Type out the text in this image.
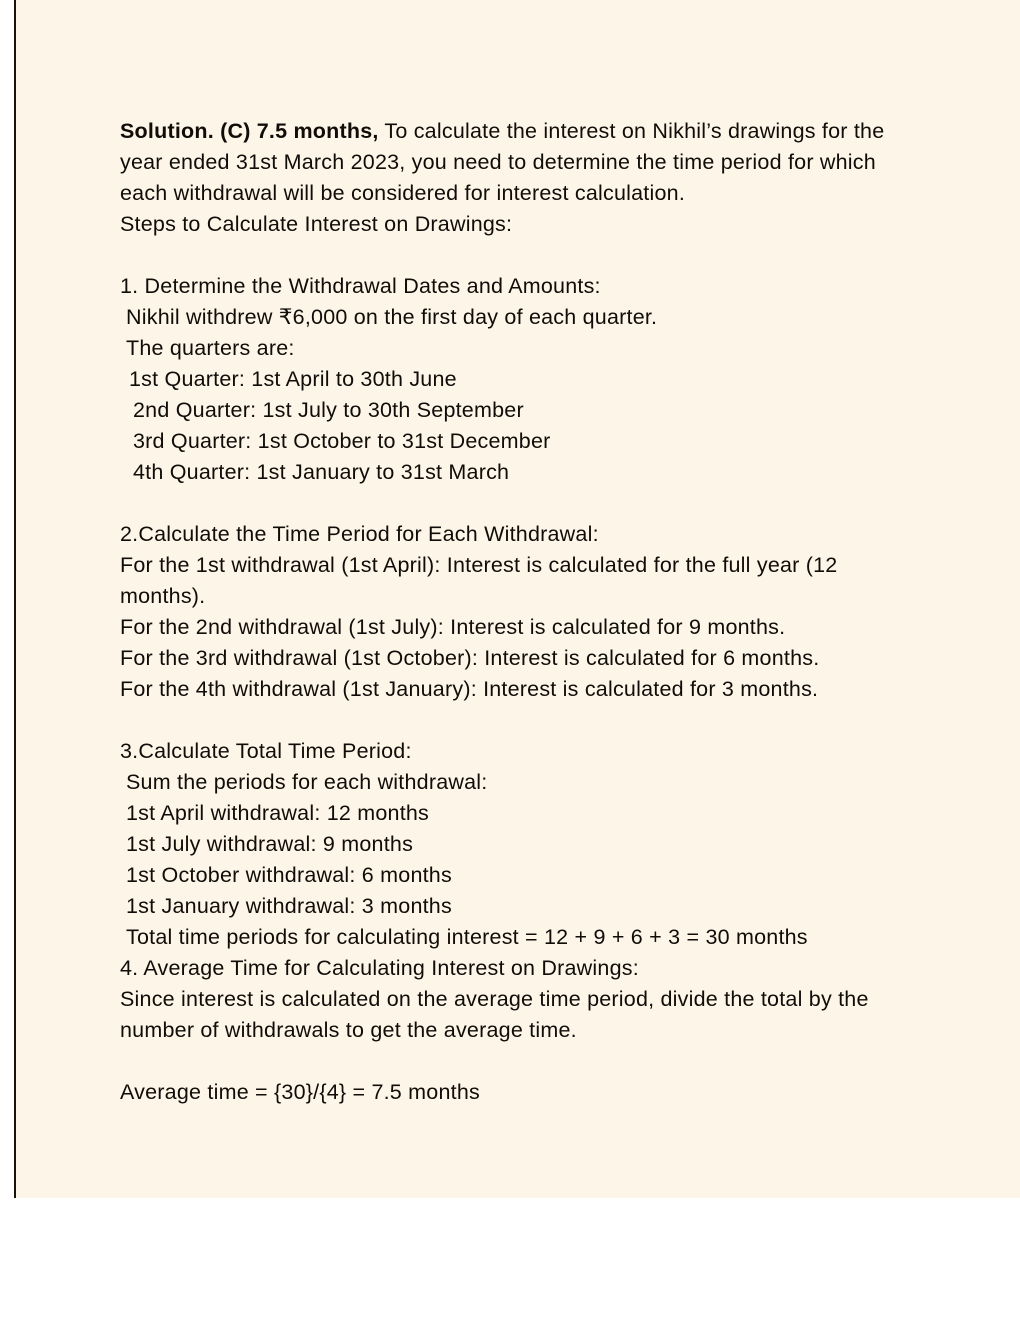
Solution. (C) 7.5 months, To calculate the interest on Nikhil’s drawings for the year ended 31st March 2023, you need to determine the time period for which each withdrawal will be considered for interest calculation.

Steps to Calculate Interest on Drawings:

1. Determine the Withdrawal Dates and Amounts:

Nikhil withdrew ₹6,000 on the first day of each quarter.

The quarters are:

1st Quarter: 1st April to 30th June

2nd Quarter: 1st July to 30th September

3rd Quarter: 1st October to 31st December

4th Quarter: 1st January to 31st March

2.Calculate the Time Period for Each Withdrawal:

For the 1st withdrawal (1st April): Interest is calculated for the full year (12 months).

For the 2nd withdrawal (1st July): Interest is calculated for 9 months.

For the 3rd withdrawal (1st October): Interest is calculated for 6 months.

For the 4th withdrawal (1st January): Interest is calculated for 3 months.

3.Calculate Total Time Period:

Sum the periods for each withdrawal:

1st April withdrawal: 12 months

1st July withdrawal: 9 months

1st October withdrawal: 6 months

1st January withdrawal: 3 months

Total time periods for calculating interest = 12 + 9 + 6 + 3 = 30 months

4. Average Time for Calculating Interest on Drawings:

Since interest is calculated on the average time period, divide the total by the number of withdrawals to get the average time.

Average time = {30}/{4} = 7.5 months
